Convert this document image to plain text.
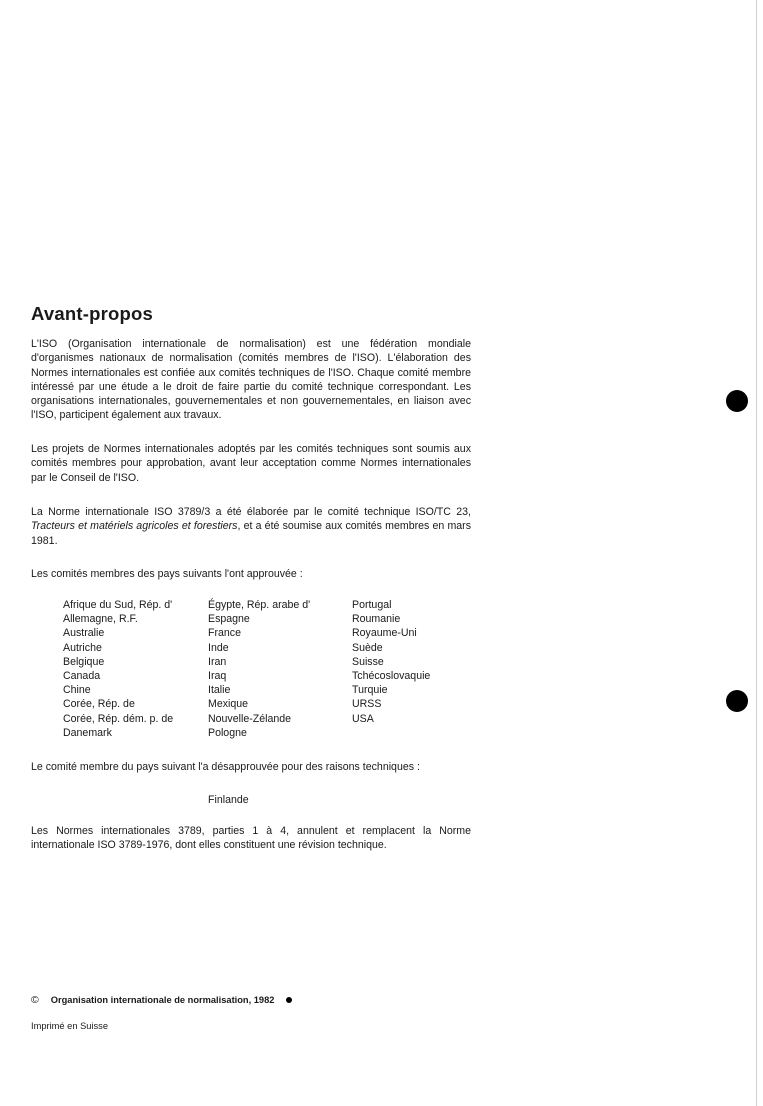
Avant-propos

L'ISO (Organisation internationale de normalisation) est une fédération mondiale d'organismes nationaux de normalisation (comités membres de l'ISO). L'élaboration des Normes internationales est confiée aux comités techniques de l'ISO. Chaque comité membre intéressé par une étude a le droit de faire partie du comité technique correspondant. Les organisations internationales, gouvernementales et non gouvernementales, en liaison avec l'ISO, participent également aux travaux.

Les projets de Normes internationales adoptés par les comités techniques sont soumis aux comités membres pour approbation, avant leur acceptation comme Normes internationales par le Conseil de l'ISO.

La Norme internationale ISO 3789/3 a été élaborée par le comité technique ISO/TC 23, Tracteurs et matériels agricoles et forestiers, et a été soumise aux comités membres en mars 1981.

Les comités membres des pays suivants l'ont approuvée :

Afrique du Sud, Rép. d'
Allemagne, R.F.
Australie
Autriche
Belgique
Canada
Chine
Corée, Rép. de
Corée, Rép. dém. p. de
Danemark
Égypte, Rép. arabe d'
Espagne
France
Inde
Iran
Iraq
Italie
Mexique
Nouvelle-Zélande
Pologne
Portugal
Roumanie
Royaume-Uni
Suède
Suisse
Tchécoslovaquie
Turquie
URSS
USA

Le comité membre du pays suivant l'a désapprouvée pour des raisons techniques :

Finlande

Les Normes internationales 3789, parties 1 à 4, annulent et remplacent la Norme internationale ISO 3789-1976, dont elles constituent une révision technique.

© Organisation internationale de normalisation, 1982
Imprimé en Suisse
